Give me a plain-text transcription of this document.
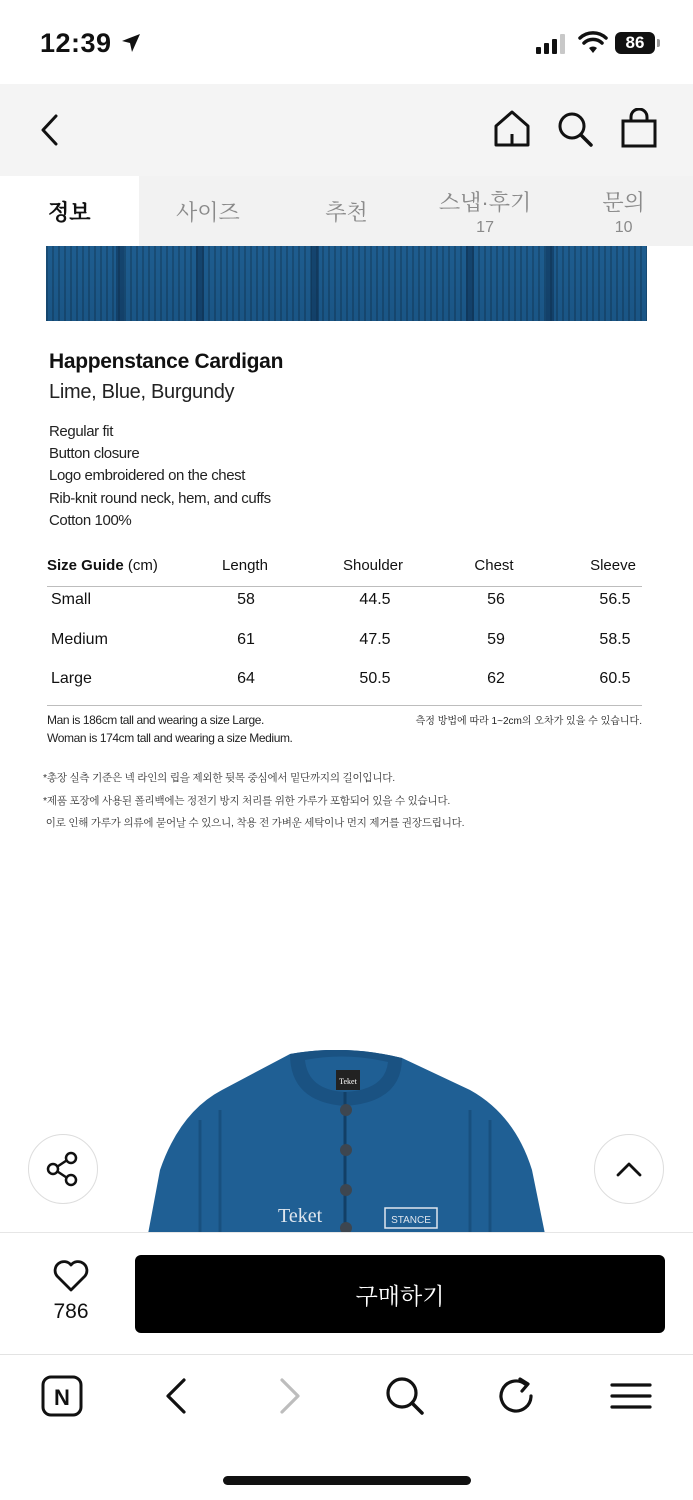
12:39	86
정보	사이즈	추천	스냅·후기
17
문의
10
Happenstance Cardigan
Lime, Blue, Burgundy
Regular fit
Button closure
Logo embroidered on the chest
Rib-knit round neck, hem, and cuffs
Cotton 100%
Size Guide (cm)	Length	Shoulder	Chest	Sleeve
Small	58	44.5	56	56.5
Medium	61	47.5	59	58.5
Large	64	50.5	62	60.5
Man is 186cm tall and wearing a size Large.
Woman is 174cm tall and wearing a size Medium.
측정 방법에 따라 1~2cm의 오차가 있을 수 있습니다.
*총장 실측 기준은 넥 라인의 립을 제외한 뒷목 중심에서 밑단까지의 길이입니다.
*제품 포장에 사용된 폴리백에는 정전기 방지 처리를 위한 가루가 포함되어 있을 수 있습니다.
이로 인해 가루가 의류에 묻어날 수 있으니, 착용 전 가벼운 세탁이나 먼지 제거를 권장드립니다.
Teket
Teket	STANCE
786
구매하기
N
